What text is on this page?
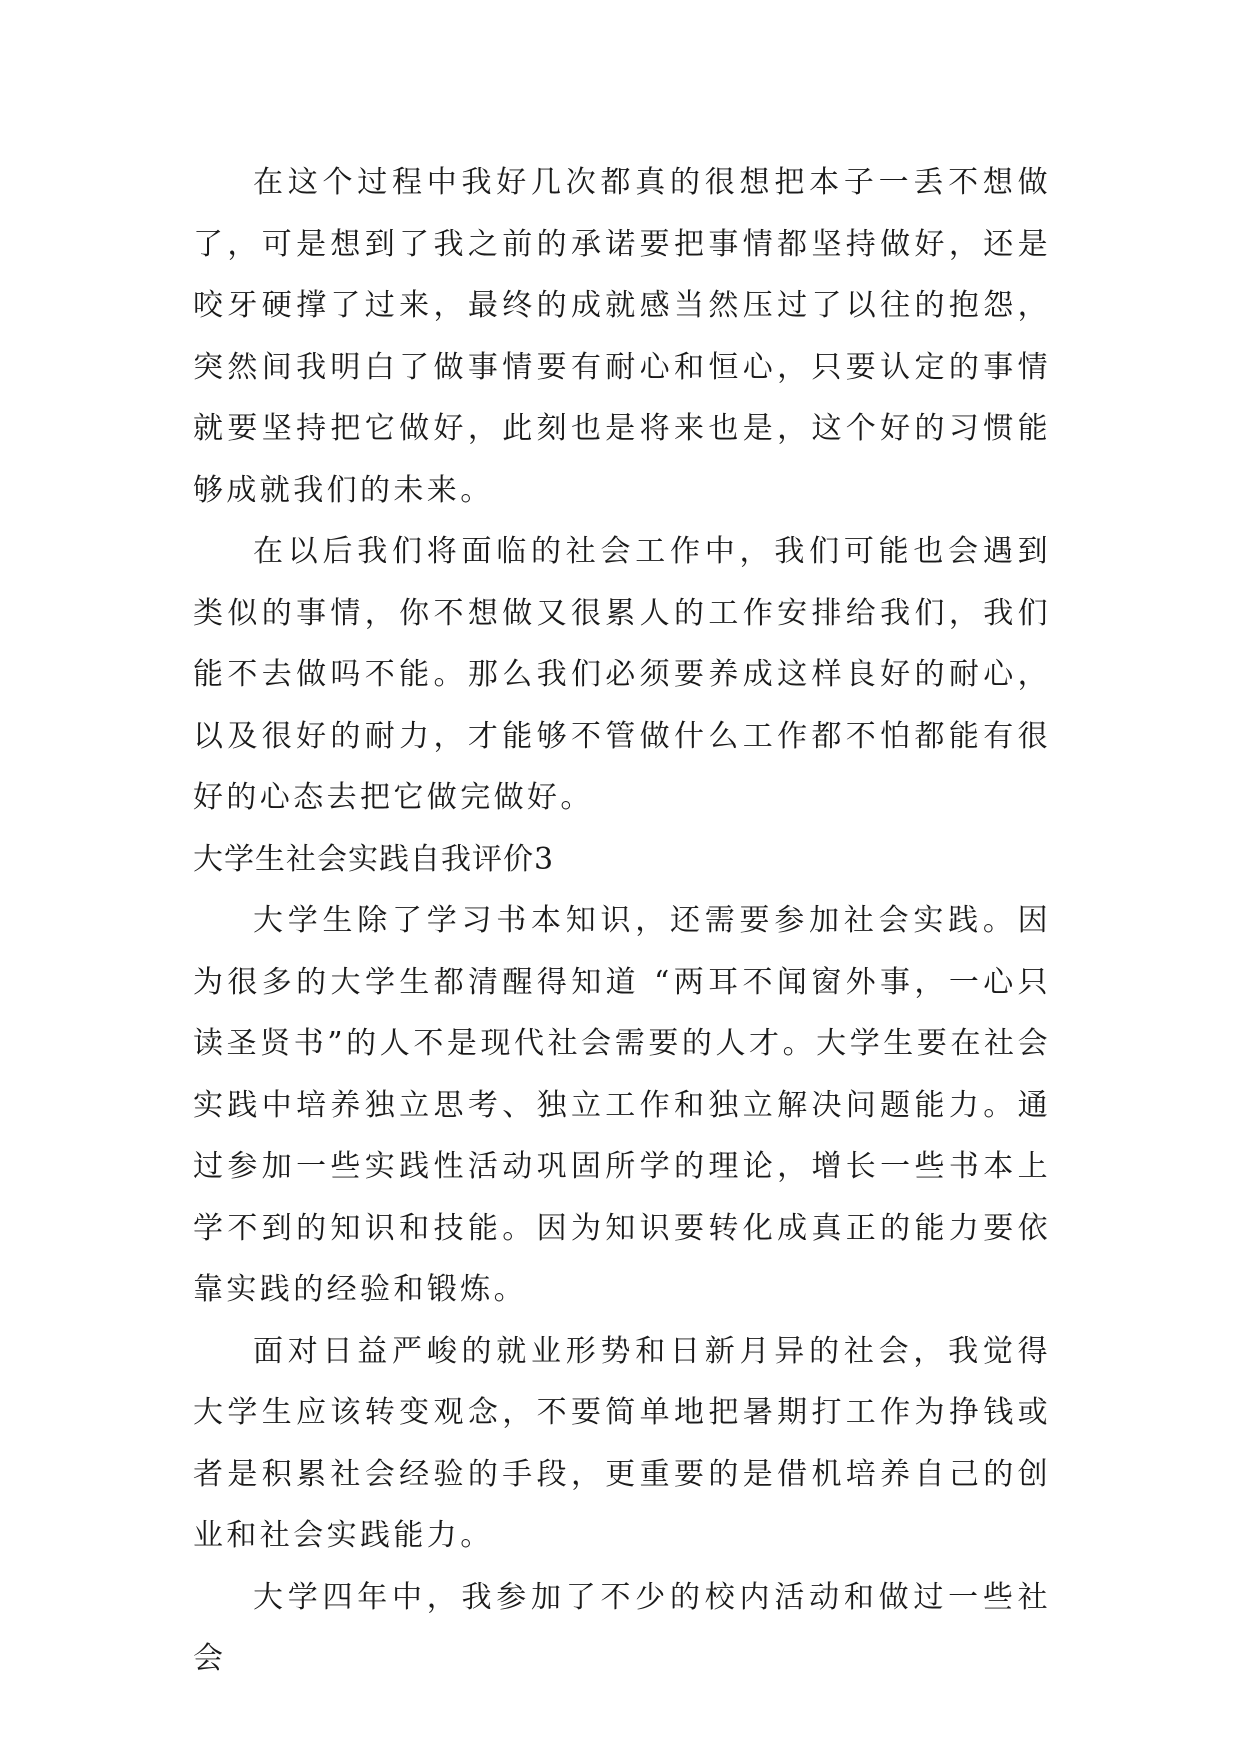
在这个过程中我好几次都真的很想把本子一丢不想做了，可是想到了我之前的承诺要把事情都坚持做好，还是咬牙硬撑了过来，最终的成就感当然压过了以往的抱怨，突然间我明白了做事情要有耐心和恒心，只要认定的事情就要坚持把它做好，此刻也是将来也是，这个好的习惯能够成就我们的未来。

在以后我们将面临的社会工作中，我们可能也会遇到类似的事情，你不想做又很累人的工作安排给我们，我们能不去做吗不能。那么我们必须要养成这样良好的耐心，以及很好的耐力，才能够不管做什么工作都不怕都能有很好的心态去把它做完做好。

大学生社会实践自我评价3

大学生除了学习书本知识，还需要参加社会实践。因为很多的大学生都清醒得知道 “两耳不闻窗外事，一心只读圣贤书”的人不是现代社会需要的人才。大学生要在社会实践中培养独立思考、独立工作和独立解决问题能力。通过参加一些实践性活动巩固所学的理论，增长一些书本上学不到的知识和技能。因为知识要转化成真正的能力要依靠实践的经验和锻炼。

面对日益严峻的就业形势和日新月异的社会，我觉得大学生应该转变观念，不要简单地把暑期打工作为挣钱或者是积累社会经验的手段，更重要的是借机培养自己的创业和社会实践能力。

大学四年中，我参加了不少的校内活动和做过一些社会
